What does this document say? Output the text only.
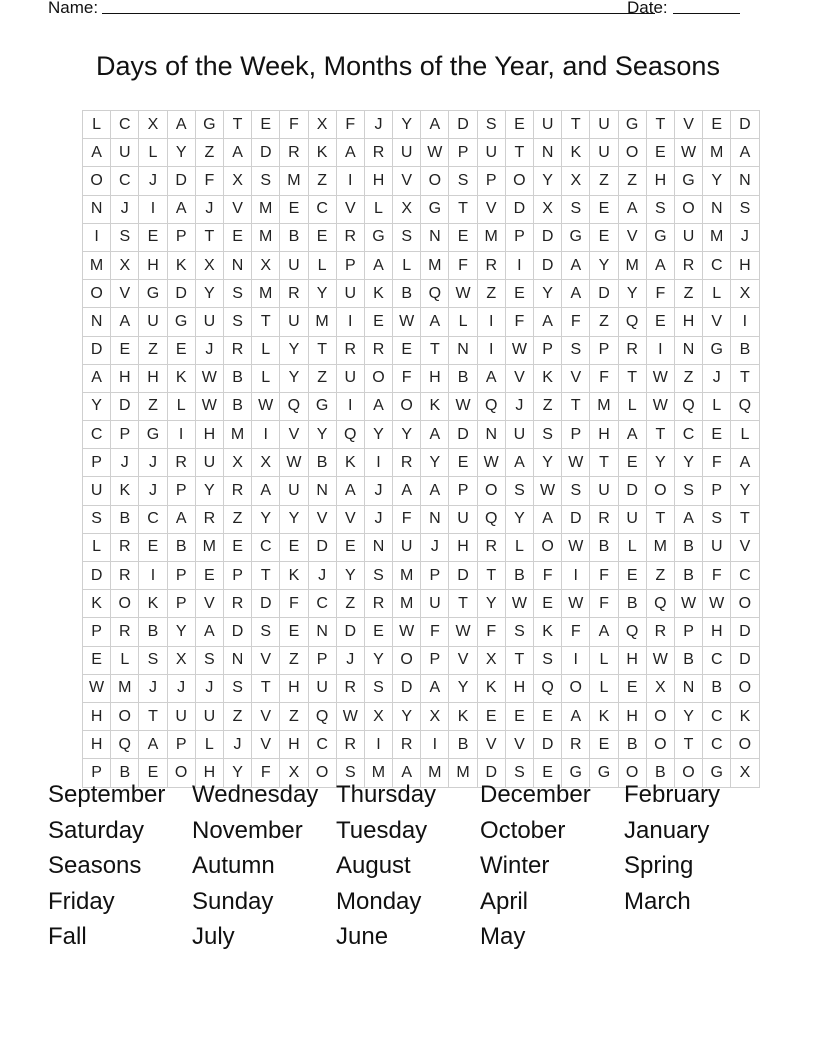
Name:	Date:
Days of the Week, Months of the Year, and Seasons
L	C	X	A	G	T	E	F	X	F	J	Y	A	D	S	E	U	T	U	G	T	V	E	D
A	U	L	Y	Z	A	D	R	K	A	R	U	W	P	U	T	N	K	U	O	E	W	M	A
O	C	J	D	F	X	S	M	Z	I	H	V	O	S	P	O	Y	X	Z	Z	H	G	Y	N
N	J	I	A	J	V	M	E	C	V	L	X	G	T	V	D	X	S	E	A	S	O	N	S
I	S	E	P	T	E	M	B	E	R	G	S	N	E	M	P	D	G	E	V	G	U	M	J
M	X	H	K	X	N	X	U	L	P	A	L	M	F	R	I	D	A	Y	M	A	R	C	H
O	V	G	D	Y	S	M	R	Y	U	K	B	Q	W	Z	E	Y	A	D	Y	F	Z	L	X
N	A	U	G	U	S	T	U	M	I	E	W	A	L	I	F	A	F	Z	Q	E	H	V	I
D	E	Z	E	J	R	L	Y	T	R	R	E	T	N	I	W	P	S	P	R	I	N	G	B
A	H	H	K	W	B	L	Y	Z	U	O	F	H	B	A	V	K	V	F	T	W	Z	J	T
Y	D	Z	L	W	B	W	Q	G	I	A	O	K	W	Q	J	Z	T	M	L	W	Q	L	Q
C	P	G	I	H	M	I	V	Y	Q	Y	Y	A	D	N	U	S	P	H	A	T	C	E	L
P	J	J	R	U	X	X	W	B	K	I	R	Y	E	W	A	Y	W	T	E	Y	Y	F	A
U	K	J	P	Y	R	A	U	N	A	J	A	A	P	O	S	W	S	U	D	O	S	P	Y
S	B	C	A	R	Z	Y	Y	V	V	J	F	N	U	Q	Y	A	D	R	U	T	A	S	T
L	R	E	B	M	E	C	E	D	E	N	U	J	H	R	L	O	W	B	L	M	B	U	V
D	R	I	P	E	P	T	K	J	Y	S	M	P	D	T	B	F	I	F	E	Z	B	F	C
K	O	K	P	V	R	D	F	C	Z	R	M	U	T	Y	W	E	W	F	B	Q	W	W	O
P	R	B	Y	A	D	S	E	N	D	E	W	F	W	F	S	K	F	A	Q	R	P	H	D
E	L	S	X	S	N	V	Z	P	J	Y	O	P	V	X	T	S	I	L	H	W	B	C	D
W	M	J	J	J	S	T	H	U	R	S	D	A	Y	K	H	Q	O	L	E	X	N	B	O
H	O	T	U	U	Z	V	Z	Q	W	X	Y	X	K	E	E	E	A	K	H	O	Y	C	K
H	Q	A	P	L	J	V	H	C	R	I	R	I	B	V	V	D	R	E	B	O	T	C	O
P	B	E	O	H	Y	F	X	O	S	M	A	M	M	D	S	E	G	G	O	B	O	G	X
September Wednesday Thursday December February
Saturday November Tuesday October January
Seasons Autumn	August	Winter	Spring
Friday	Sunday	Monday April	March
Fall	July	June	May
